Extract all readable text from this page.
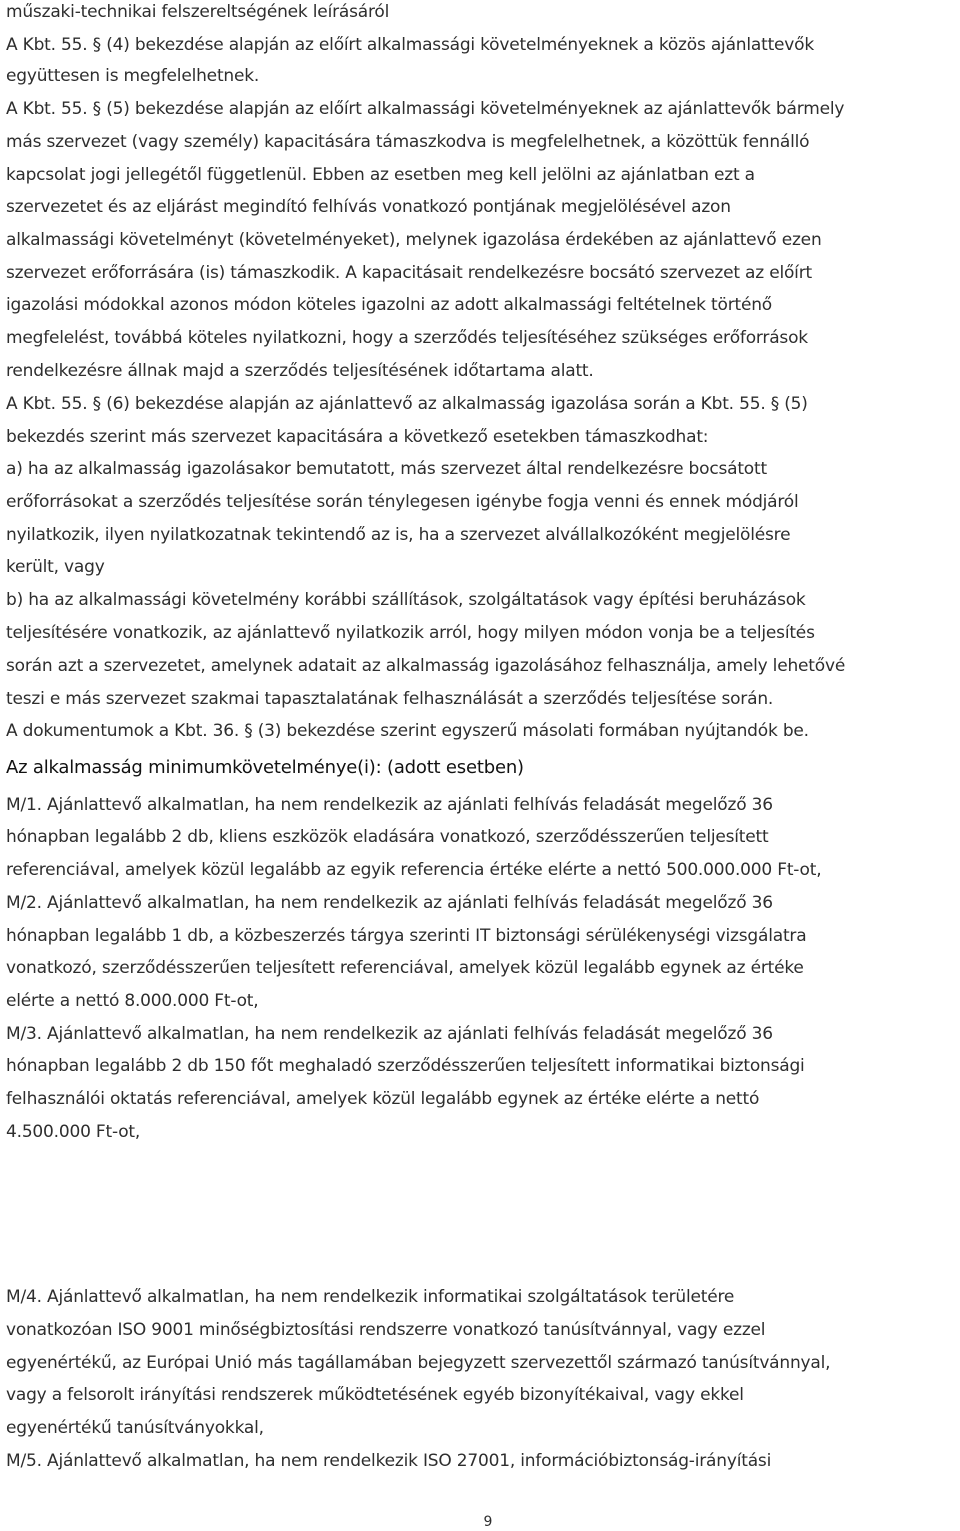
műszaki-technikai felszereltségének leírásáról

A Kbt. 55. § (4) bekezdése alapján az előírt alkalmassági követelményeknek a közös ajánlattevők

együttesen is megfelelhetnek.

A Kbt. 55. § (5) bekezdése alapján az előírt alkalmassági követelményeknek az ajánlattevők bármely

más szervezet (vagy személy) kapacitására támaszkodva is megfelelhetnek, a közöttük fennálló

kapcsolat jogi jellegétől függetlenül. Ebben az esetben meg kell jelölni az ajánlatban ezt a

szervezetet és az eljárást megindító felhívás vonatkozó pontjának megjelölésével azon

alkalmassági követelményt (követelményeket), melynek igazolása érdekében az ajánlattevő ezen

szervezet erőforrására (is) támaszkodik. A kapacitásait rendelkezésre bocsátó szervezet az előírt

igazolási módokkal azonos módon köteles igazolni az adott alkalmassági feltételnek történő

megfelelést, továbbá köteles nyilatkozni, hogy a szerződés teljesítéséhez szükséges erőforrások

rendelkezésre állnak majd a szerződés teljesítésének időtartama alatt.

A Kbt. 55. § (6) bekezdése alapján az ajánlattevő az alkalmasság igazolása során a Kbt. 55. § (5)

bekezdés szerint más szervezet kapacitására a következő esetekben támaszkodhat:

a) ha az alkalmasság igazolásakor bemutatott, más szervezet által rendelkezésre bocsátott

erőforrásokat a szerződés teljesítése során ténylegesen igénybe fogja venni és ennek módjáról

nyilatkozik, ilyen nyilatkozatnak tekintendő az is, ha a szervezet alvállalkozóként megjelölésre

került, vagy

b) ha az alkalmassági követelmény korábbi szállítások, szolgáltatások vagy építési beruházások

teljesítésére vonatkozik, az ajánlattevő nyilatkozik arról, hogy milyen módon vonja be a teljesítés

során azt a szervezetet, amelynek adatait az alkalmasság igazolásához felhasználja, amely lehetővé

teszi e más szervezet szakmai tapasztalatának felhasználását a szerződés teljesítése során.

A dokumentumok a Kbt. 36. § (3) bekezdése szerint egyszerű másolati formában nyújtandók be.

Az alkalmasság minimumkövetelménye(i): (adott esetben)

M/1. Ajánlattevő alkalmatlan, ha nem rendelkezik az ajánlati felhívás feladását megelőző 36

hónapban legalább 2 db, kliens eszközök eladására vonatkozó, szerződésszerűen teljesített

referenciával, amelyek közül legalább az egyik referencia értéke elérte a nettó 500.000.000 Ft-ot,

M/2. Ajánlattevő alkalmatlan, ha nem rendelkezik az ajánlati felhívás feladását megelőző 36

hónapban legalább 1 db, a közbeszerzés tárgya szerinti IT biztonsági sérülékenységi vizsgálatra

vonatkozó, szerződésszerűen teljesített referenciával, amelyek közül legalább egynek az értéke

elérte a nettó 8.000.000 Ft-ot,

M/3. Ajánlattevő alkalmatlan, ha nem rendelkezik az ajánlati felhívás feladását megelőző 36

hónapban legalább 2 db 150 főt meghaladó szerződésszerűen teljesített informatikai biztonsági

felhasználói oktatás referenciával, amelyek közül legalább egynek az értéke elérte a nettó

4.500.000 Ft-ot,

M/4. Ajánlattevő alkalmatlan, ha nem rendelkezik informatikai szolgáltatások területére

vonatkozóan ISO 9001 minőségbiztosítási rendszerre vonatkozó tanúsítvánnyal, vagy ezzel

egyenértékű, az Európai Unió más tagállamában bejegyzett szervezettől származó tanúsítvánnyal,

vagy a felsorolt irányítási rendszerek működtetésének egyéb bizonyítékaival, vagy ekkel

egyenértékű tanúsítványokkal,

M/5. Ajánlattevő alkalmatlan, ha nem rendelkezik ISO 27001, információbiztonság-irányítási

9
